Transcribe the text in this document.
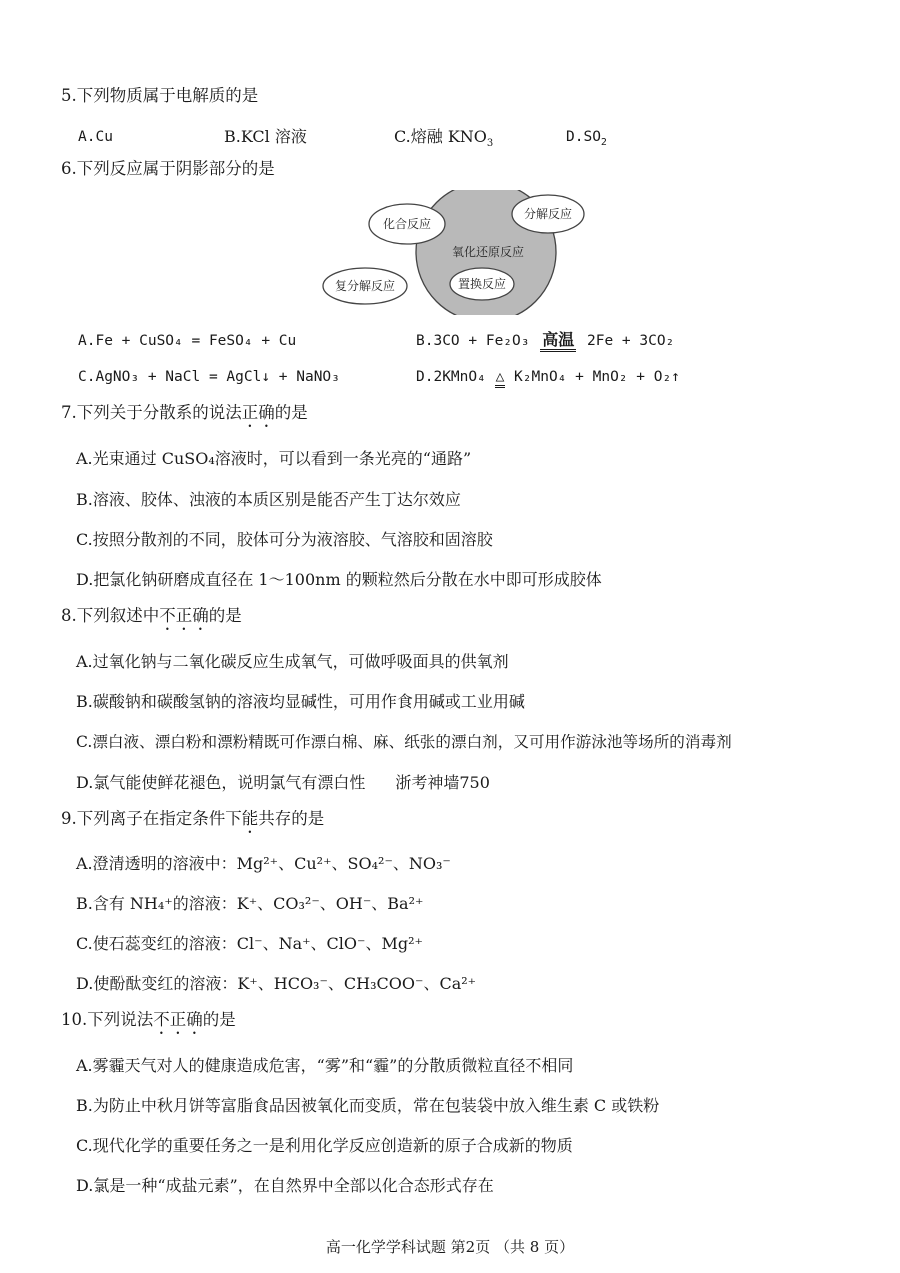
5.下列物质属于电解质的是
A.Cu	B.KCl 溶液	C.熔融 $KNO_3$	$D.SO_2$
6.下列反应属于阴影部分的是
化合反应
分解反应
氧化还原反应
复分解反应	置换反应
A.Fe + CuSO₄ = FeSO₄ + Cu	B.3CO + Fe₂O₃ 高温 2Fe + 3CO₂
C.AgNO₃ + NaCl = AgCl↓ + NaNO₃	D.2KMnO₄ △ K₂MnO₄ + MnO₂ + O₂↑
7.下列关于分散系的说法正确的是
A.光束通过 CuSO₄溶液时，可以看到一条光亮的“通路”
B.溶液、胶体、浊液的本质区别是能否产生丁达尔效应
C.按照分散剂的不同，胶体可分为液溶胶、气溶胶和固溶胶
D.把氯化钠研磨成直径在 1～100nm 的颗粒然后分散在水中即可形成胶体
8.下列叙述中不正确的是
A.过氧化钠与二氧化碳反应生成氧气，可做呼吸面具的供氧剂
B.碳酸钠和碳酸氢钠的溶液均显碱性，可用作食用碱或工业用碱
C.漂白液、漂白粉和漂粉精既可作漂白棉、麻、纸张的漂白剂，又可用作游泳池等场所的消毒剂
D.氯气能使鲜花褪色，说明氯气有漂白性 浙考神墙750
9.下列离子在指定条件下能共存的是
A.澄清透明的溶液中：Mg²⁺、Cu²⁺、SO₄²⁻、NO₃⁻
B.含有 NH₄⁺的溶液：K⁺、CO₃²⁻、OH⁻、Ba²⁺
C.使石蕊变红的溶液：Cl⁻、Na⁺、ClO⁻、Mg²⁺
D.使酚酞变红的溶液：K⁺、HCO₃⁻、CH₃COO⁻、Ca²⁺
10.下列说法不正确的是
A.雾霾天气对人的健康造成危害，“雾”和“霾”的分散质微粒直径不相同
B.为防止中秋月饼等富脂食品因被氧化而变质，常在包装袋中放入维生素 C 或铁粉
C.现代化学的重要任务之一是利用化学反应创造新的原子合成新的物质
D.氯是一种“成盐元素”，在自然界中全部以化合态形式存在
高一化学学科试题 第2页 （共 8 页）
